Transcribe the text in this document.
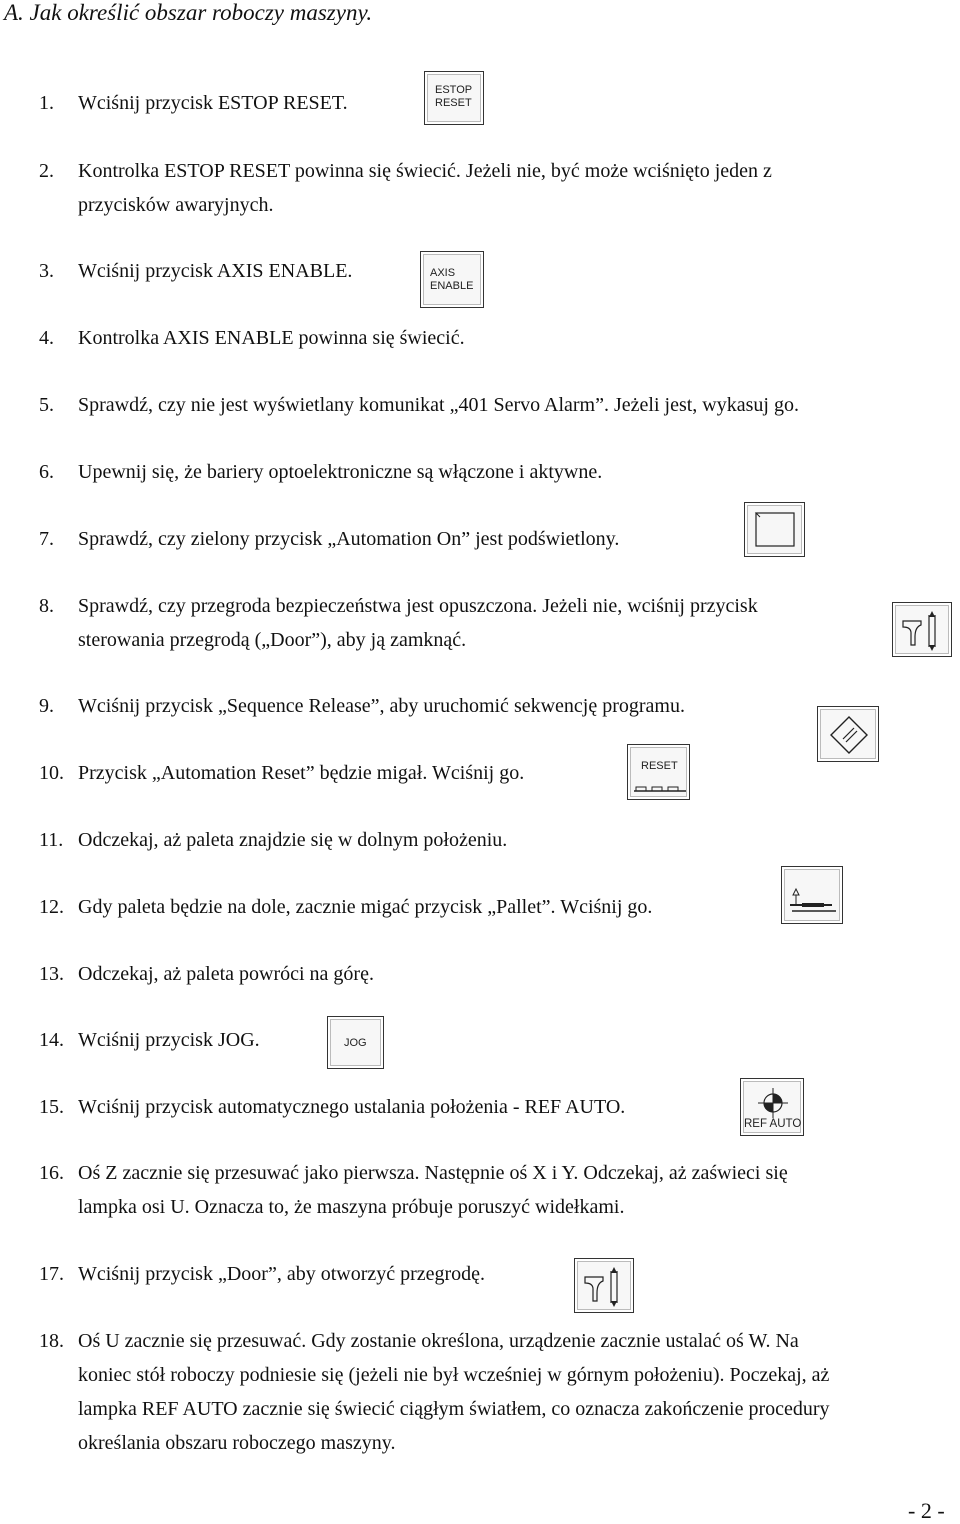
A. Jak określić obszar roboczy maszyny.
1. Wciśnij przycisk ESTOP RESET.
2. Kontrolka ESTOP RESET powinna się świecić. Jeżeli nie, być może wciśnięto jeden z
przycisków awaryjnych.
3. Wciśnij przycisk AXIS ENABLE.
4. Kontrolka AXIS ENABLE powinna się świecić.
5. Sprawdź, czy nie jest wyświetlany komunikat „401 Servo Alarm”. Jeżeli jest, wykasuj go.
6. Upewnij się, że bariery optoelektroniczne są włączone i aktywne.
7. Sprawdź, czy zielony przycisk „Automation On” jest podświetlony.
8. Sprawdź, czy przegroda bezpieczeństwa jest opuszczona. Jeżeli nie, wciśnij przycisk
sterowania przegrodą („Door”), aby ją zamknąć.
9. Wciśnij przycisk „Sequence Release”, aby uruchomić sekwencję programu.
10. Przycisk „Automation Reset” będzie migał. Wciśnij go.
11. Odczekaj, aż paleta znajdzie się w dolnym położeniu.
12. Gdy paleta będzie na dole, zacznie migać przycisk „Pallet”. Wciśnij go.
13. Odczekaj, aż paleta powróci na górę.
14. Wciśnij przycisk JOG.
15. Wciśnij przycisk automatycznego ustalania położenia - REF AUTO.
16. Oś Z zacznie się przesuwać jako pierwsza. Następnie oś X i Y. Odczekaj, aż zaświeci się
lampka osi U. Oznacza to, że maszyna próbuje poruszyć widełkami.
17. Wciśnij przycisk „Door”, aby otworzyć przegrodę.
18. Oś U zacznie się przesuwać. Gdy zostanie określona, urządzenie zacznie ustalać oś W. Na
koniec stół roboczy podniesie się (jeżeli nie był wcześniej w górnym położeniu). Poczekaj, aż
lampka REF AUTO zacznie się świecić ciągłym światłem, co oznacza zakończenie procedury
określania obszaru roboczego maszyny.
ESTOP
RESET
AXIS
ENABLE
RESET
JOG
REF AUTO
- 2 -
